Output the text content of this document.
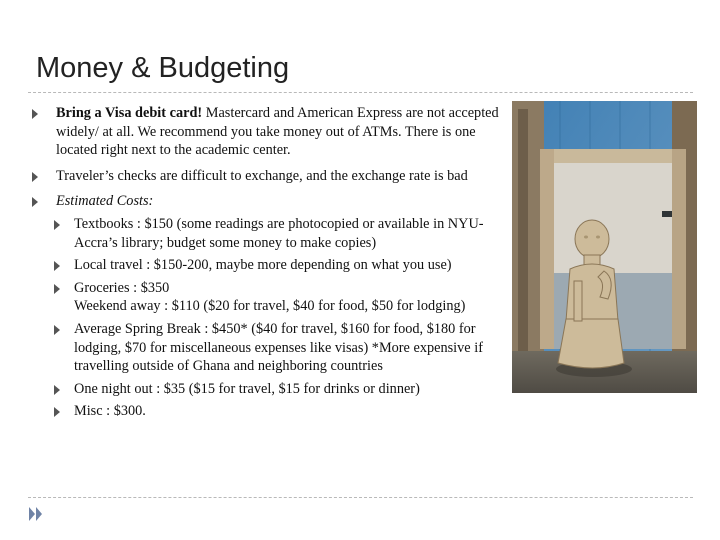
Money & Budgeting
Bring a Visa debit card! Mastercard and American Express are not accepted widely/ at all. We recommend you take money out of ATMs. There is one located right next to the academic center.
Traveler’s checks are difficult to exchange, and the exchange rate is bad
Estimated Costs:
Textbooks : $150 (some readings are photocopied or available in NYU-Accra’s library; budget some money to make copies)
Local travel : $150-200, maybe more depending on what you use)
Groceries : $350
Weekend away : $110 ($20 for travel, $40 for food, $50 for lodging)
Average Spring Break : $450* ($40 for travel, $160 for food, $180 for lodging, $70 for miscellaneous expenses like visas) *More expensive if travelling outside of Ghana and neighboring countries
One night out : $35 ($15 for travel, $15 for drinks or dinner)
Misc : $300.
